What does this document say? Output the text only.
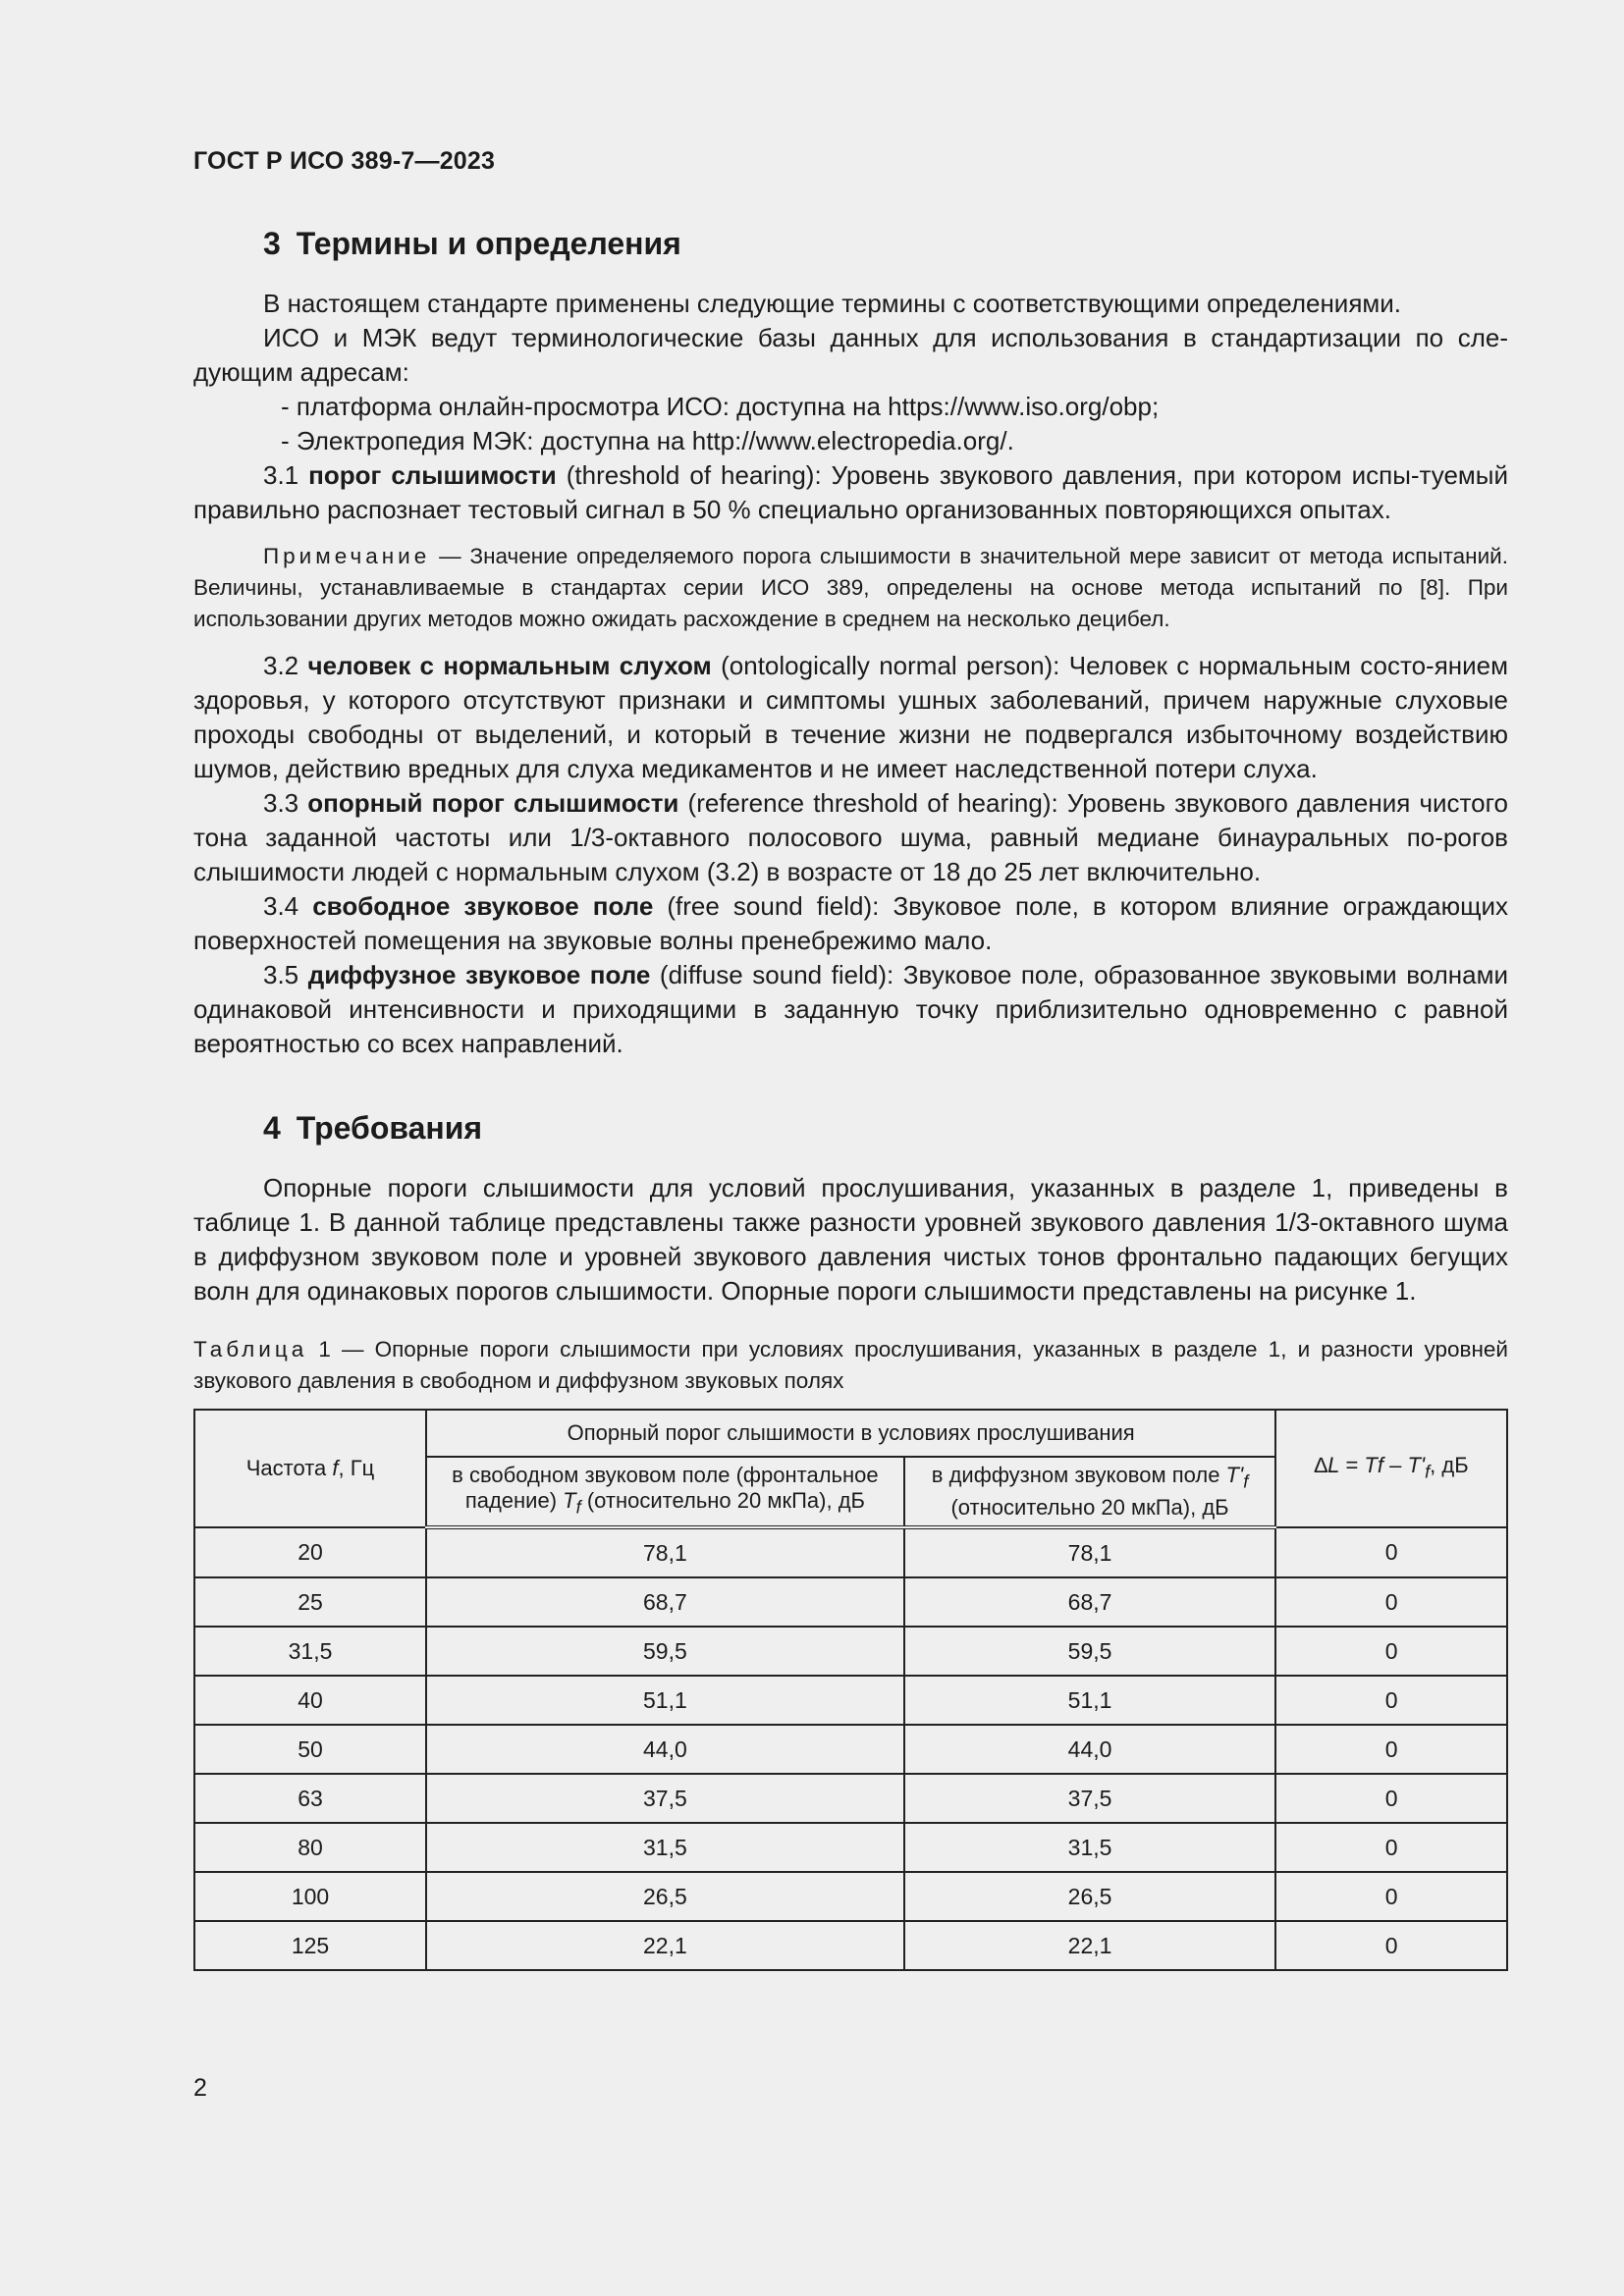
ГОСТ Р ИСО 389-7—2023
3 Термины и определения

В настоящем стандарте применены следующие термины с соответствующими определениями.

ИСО и МЭК ведут терминологические базы данных для использования в стандартизации по сле-дующим адресам:

- платформа онлайн-просмотра ИСО: доступна на https://www.iso.org/obp;

- Электропедия МЭК: доступна на http://www.electropedia.org/.

3.1 порог слышимости (threshold of hearing): Уровень звукового давления, при котором испы-туемый правильно распознает тестовый сигнал в 50 % специально организованных повторяющихся опытах.

Примечание — Значение определяемого порога слышимости в значительной мере зависит от метода испытаний. Величины, устанавливаемые в стандартах серии ИСО 389, определены на основе метода испытаний по [8]. При использовании других методов можно ожидать расхождение в среднем на несколько децибел.

3.2 человек с нормальным слухом (ontologically normal person): Человек с нормальным состо-янием здоровья, у которого отсутствуют признаки и симптомы ушных заболеваний, причем наружные слуховые проходы свободны от выделений, и который в течение жизни не подвергался избыточному воздействию шумов, действию вредных для слуха медикаментов и не имеет наследственной потери слуха.

3.3 опорный порог слышимости (reference threshold of hearing): Уровень звукового давления чистого тона заданной частоты или 1/3-октавного полосового шума, равный медиане бинауральных по-рогов слышимости людей с нормальным слухом (3.2) в возрасте от 18 до 25 лет включительно.

3.4 свободное звуковое поле (free sound field): Звуковое поле, в котором влияние ограждающих поверхностей помещения на звуковые волны пренебрежимо мало.

3.5 диффузное звуковое поле (diffuse sound field): Звуковое поле, образованное звуковыми волнами одинаковой интенсивности и приходящими в заданную точку приблизительно одновременно с равной вероятностью со всех направлений.

4 Требования

Опорные пороги слышимости для условий прослушивания, указанных в разделе 1, приведены в таблице 1. В данной таблице представлены также разности уровней звукового давления 1/3-октавного шума в диффузном звуковом поле и уровней звукового давления чистых тонов фронтально падающих бегущих волн для одинаковых порогов слышимости. Опорные пороги слышимости представлены на рисунке 1.

Таблица 1 — Опорные пороги слышимости при условиях прослушивания, указанных в разделе 1, и разности уровней звукового давления в свободном и диффузном звуковых полях

Частота f, Гц	Опорный порог слышимости в условиях прослушивания		$\Delta L = Tf - T'_f$, дБ
	в свободном звуковом поле (фронтальное
падение) $T_f$ (относительно 20 мкПа), дБ	в диффузном звуковом поле $T'_f$
(относительно 20 мкПа), дБ	
20	78,1	78,1	0
25	68,7	68,7	0
31,5	59,5	59,5	0
40	51,1	51,1	0
50	44,0	44,0	0
63	37,5	37,5	0
80	31,5	31,5	0
100	26,5	26,5	0
125	22,1	22,1	0
2
